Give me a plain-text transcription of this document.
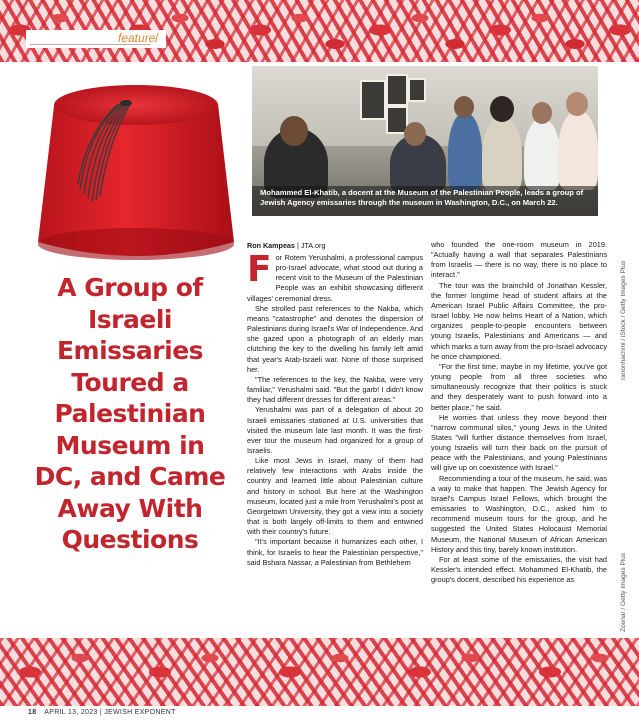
feature /
Mohammed El-Khatib, a docent at the Museum of the Palestinian People, leads a group of Jewish Agency emissaries through the museum in Washington, D.C., on March 22.
ranonhachmi / iStock / Getty Images Plus
Zoonar / Getty Images Plus
A Group of Israeli Emissaries Toured a Palestinian Museum in DC, and Came Away With Questions
Ron Kampeas | JTA.org

For Rotem Yerushalmi, a professional campus pro-Israel advocate, what stood out during a recent visit to the Museum of the Palestinian People was an exhibit showcasing different villages' ceremonial dress.

She strolled past references to the Nakba, which means "catastrophe" and denotes the dispersion of Palestinians during Israel's War of Independence. And she gazed upon a photograph of an elderly man clutching the key to the dwelling his family left amid that year's Arab-Israeli war. None of those surprised her.

"The references to the key, the Nakba, were very familiar," Yerushalmi said. "But the garb! I didn't know they had different dresses for different areas."

Yerushalmi was part of a delegation of about 20 Israeli emissaries stationed at U.S. universities that visited the museum late last month. It was the first-ever tour the museum had organized for a group of Israelis.

Like most Jews in Israel, many of them had relatively few interactions with Arabs inside the country and learned little about Palestinian culture and history in school. But here at the Washington museum, located just a mile from Yerushalmi's post at Georgetown University, they got a view into a society that is both largely off-limits to them and entwined with their country's future.

"It's important because it humanizes each other, I think, for Israelis to hear the Palestinian perspective," said Bshara Nassar, a Palestinian from Bethlehem

who founded the one-room museum in 2019. "Actually having a wall that separates Palestinians from Israelis — there is no way, there is no place to interact."

The tour was the brainchild of Jonathan Kessler, the former longtime head of student affairs at the American Israel Public Affairs Committee, the pro-Israel lobby. He now helms Heart of a Nation, which organizes people-to-people encounters between young Israelis, Palestinians and Americans — and which marks a turn away from the pro-Israel advocacy he once championed.

"For the first time, maybe in my lifetime, you've got young people from all three societies who simultaneously recognize that their politics is stuck and they desperately want to push forward into a better place," he said.

He worries that unless they move beyond their "narrow communal silos," young Jews in the United States "will further distance themselves from Israel, young Israelis will turn their back on the pursuit of peace with the Palestinians, and young Palestinians will give up on coexistence with Israel."

Recommending a tour of the museum, he said, was a way to make that happen. The Jewish Agency for Israel's Campus Israel Fellows, which brought the emissaries to Washington, D.C., asked him to recommend museum tours for the group, and he suggested the United States Holocaust Memorial Museum, the National Museum of African American History and this tiny, barely known institution.

For at least some of the emissaries, the visit had Kessler's intended effect. Mohammed El-Khatib, the group's docent, described his experience as

18 APRIL 13, 2023 | JEWISH EXPONENT
